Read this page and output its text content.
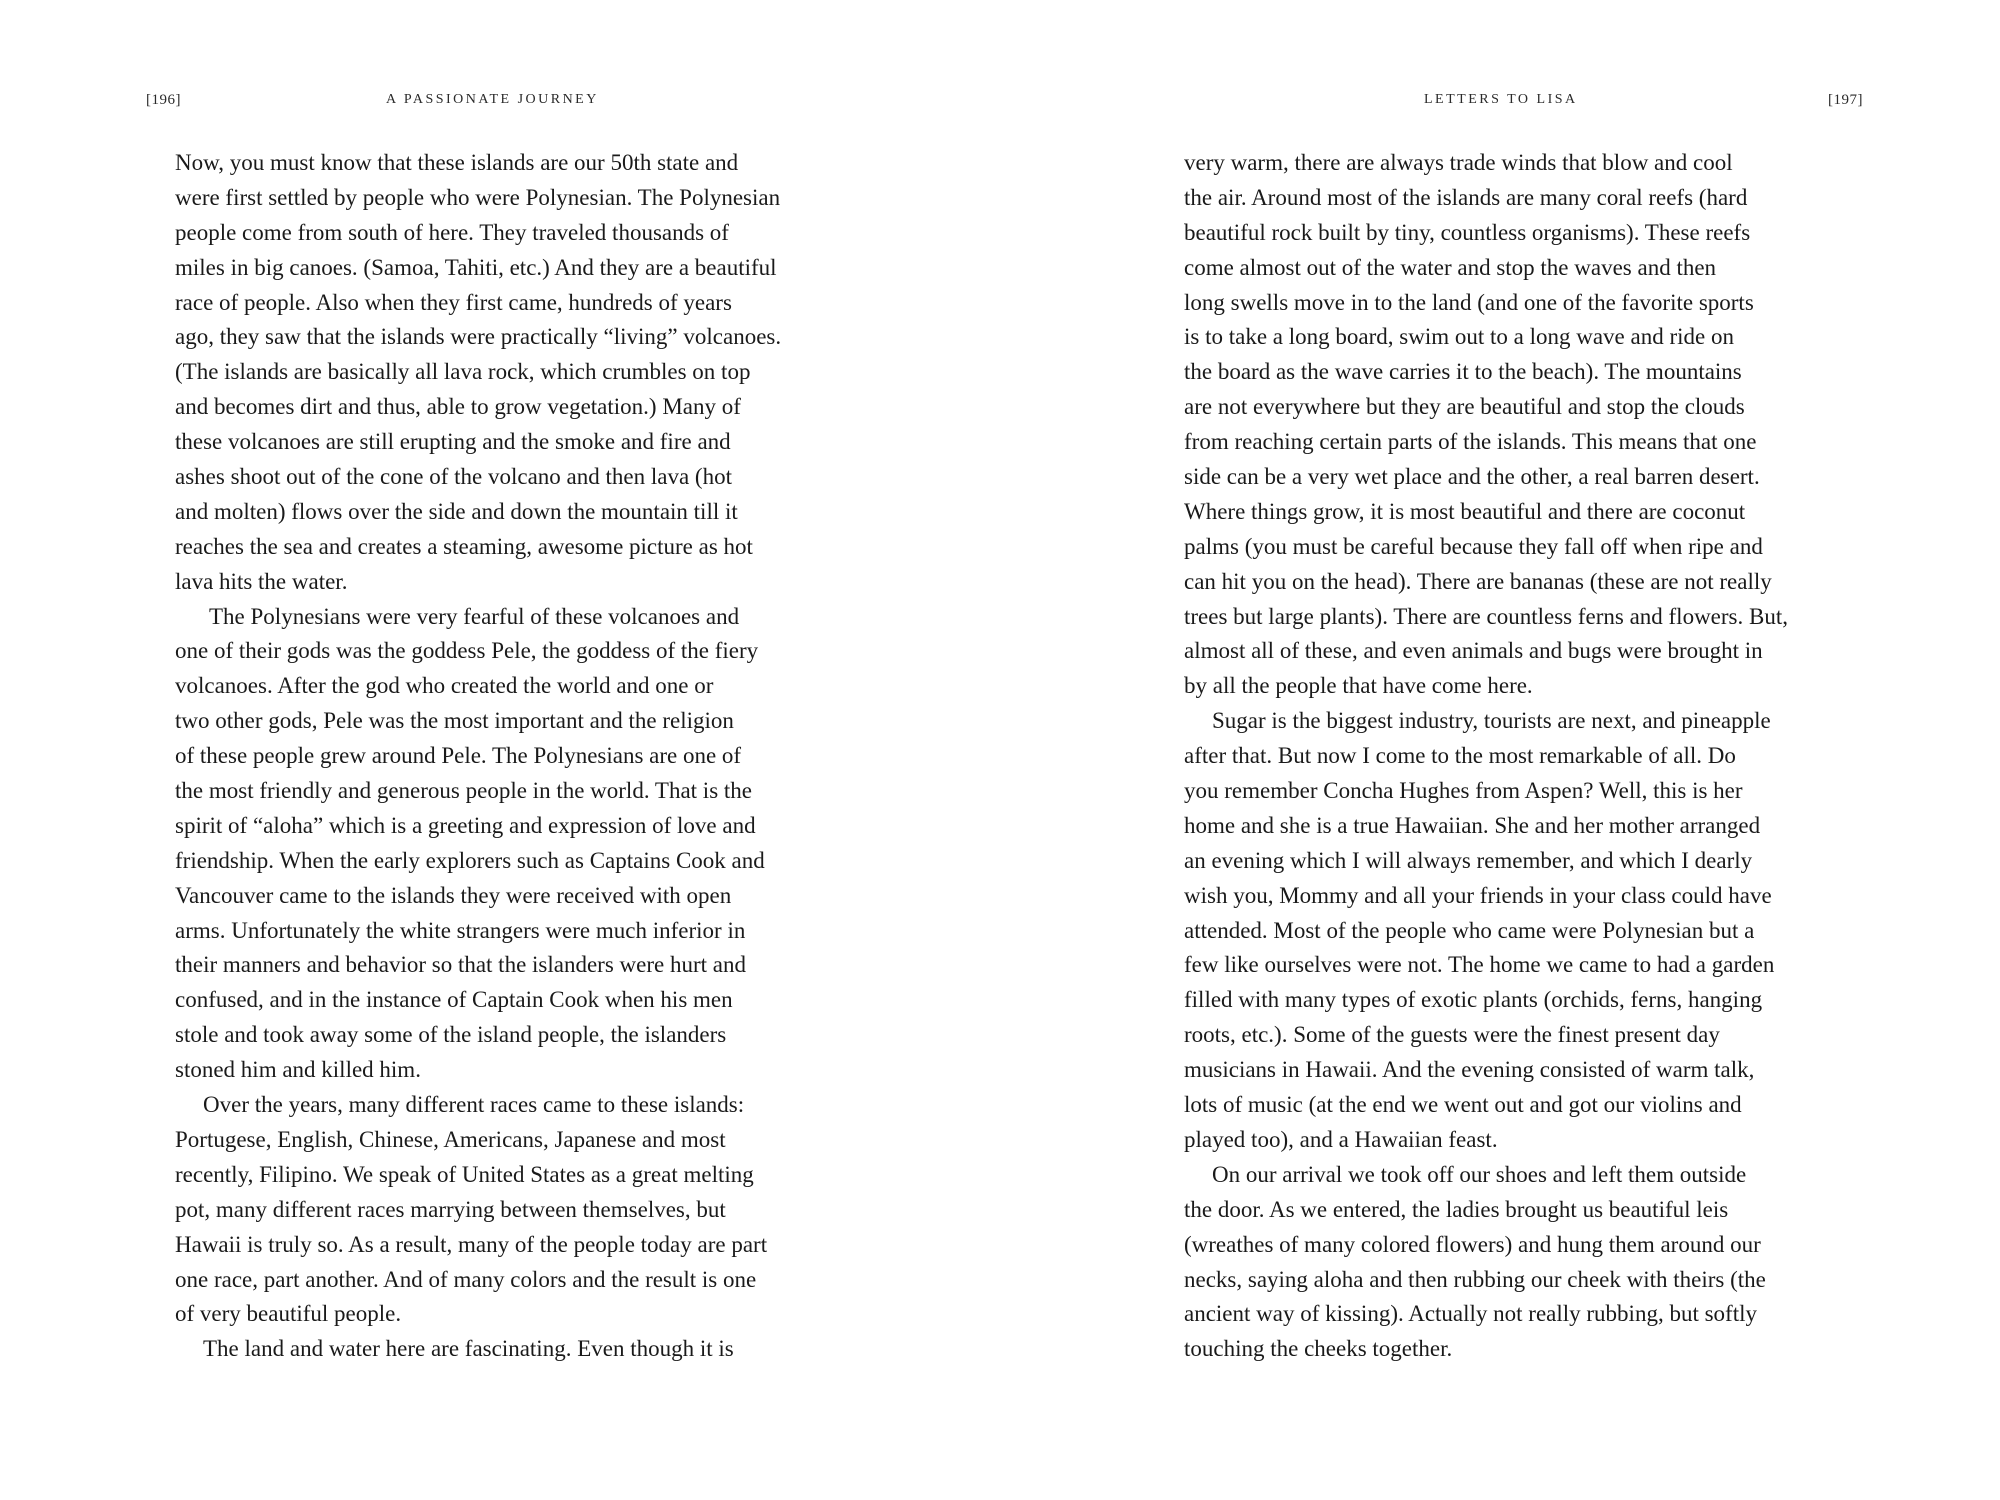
[196]	A PASSIONATE JOURNEY
Now, you must know that these islands are our 50th state and
were first settled by people who were Polynesian. The Polynesian
people come from south of here. They traveled thousands of
miles in big canoes. (Samoa, Tahiti, etc.) And they are a beautiful
race of people. Also when they first came, hundreds of years
ago, they saw that the islands were practically “living” volcanoes.
(The islands are basically all lava rock, which crumbles on top
and becomes dirt and thus, able to grow vegetation.) Many of
these volcanoes are still erupting and the smoke and fire and
ashes shoot out of the cone of the volcano and then lava (hot
and molten) flows over the side and down the mountain till it
reaches the sea and creates a steaming, awesome picture as hot
lava hits the water.
The Polynesians were very fearful of these volcanoes and
one of their gods was the goddess Pele, the goddess of the fiery
volcanoes. After the god who created the world and one or
two other gods, Pele was the most important and the religion
of these people grew around Pele. The Polynesians are one of
the most friendly and generous people in the world. That is the
spirit of “aloha” which is a greeting and expression of love and
friendship. When the early explorers such as Captains Cook and
Vancouver came to the islands they were received with open
arms. Unfortunately the white strangers were much inferior in
their manners and behavior so that the islanders were hurt and
confused, and in the instance of Captain Cook when his men
stole and took away some of the island people, the islanders
stoned him and killed him.
Over the years, many different races came to these islands:
Portugese, English, Chinese, Americans, Japanese and most
recently, Filipino. We speak of United States as a great melting
pot, many different races marrying between themselves, but
Hawaii is truly so. As a result, many of the people today are part
one race, part another. And of many colors and the result is one
of very beautiful people.
The land and water here are fascinating. Even though it is
LETTERS TO LISA	[197]
very warm, there are always trade winds that blow and cool
the air. Around most of the islands are many coral reefs (hard
beautiful rock built by tiny, countless organisms). These reefs
come almost out of the water and stop the waves and then
long swells move in to the land (and one of the favorite sports
is to take a long board, swim out to a long wave and ride on
the board as the wave carries it to the beach). The mountains
are not everywhere but they are beautiful and stop the clouds
from reaching certain parts of the islands. This means that one
side can be a very wet place and the other, a real barren desert.
Where things grow, it is most beautiful and there are coconut
palms (you must be careful because they fall off when ripe and
can hit you on the head). There are bananas (these are not really
trees but large plants). There are countless ferns and flowers. But,
almost all of these, and even animals and bugs were brought in
by all the people that have come here.
Sugar is the biggest industry, tourists are next, and pineapple
after that. But now I come to the most remarkable of all. Do
you remember Concha Hughes from Aspen? Well, this is her
home and she is a true Hawaiian. She and her mother arranged
an evening which I will always remember, and which I dearly
wish you, Mommy and all your friends in your class could have
attended. Most of the people who came were Polynesian but a
few like ourselves were not. The home we came to had a garden
filled with many types of exotic plants (orchids, ferns, hanging
roots, etc.). Some of the guests were the finest present day
musicians in Hawaii. And the evening consisted of warm talk,
lots of music (at the end we went out and got our violins and
played too), and a Hawaiian feast.
On our arrival we took off our shoes and left them outside
the door. As we entered, the ladies brought us beautiful leis
(wreathes of many colored flowers) and hung them around our
necks, saying aloha and then rubbing our cheek with theirs (the
ancient way of kissing). Actually not really rubbing, but softly
touching the cheeks together.
